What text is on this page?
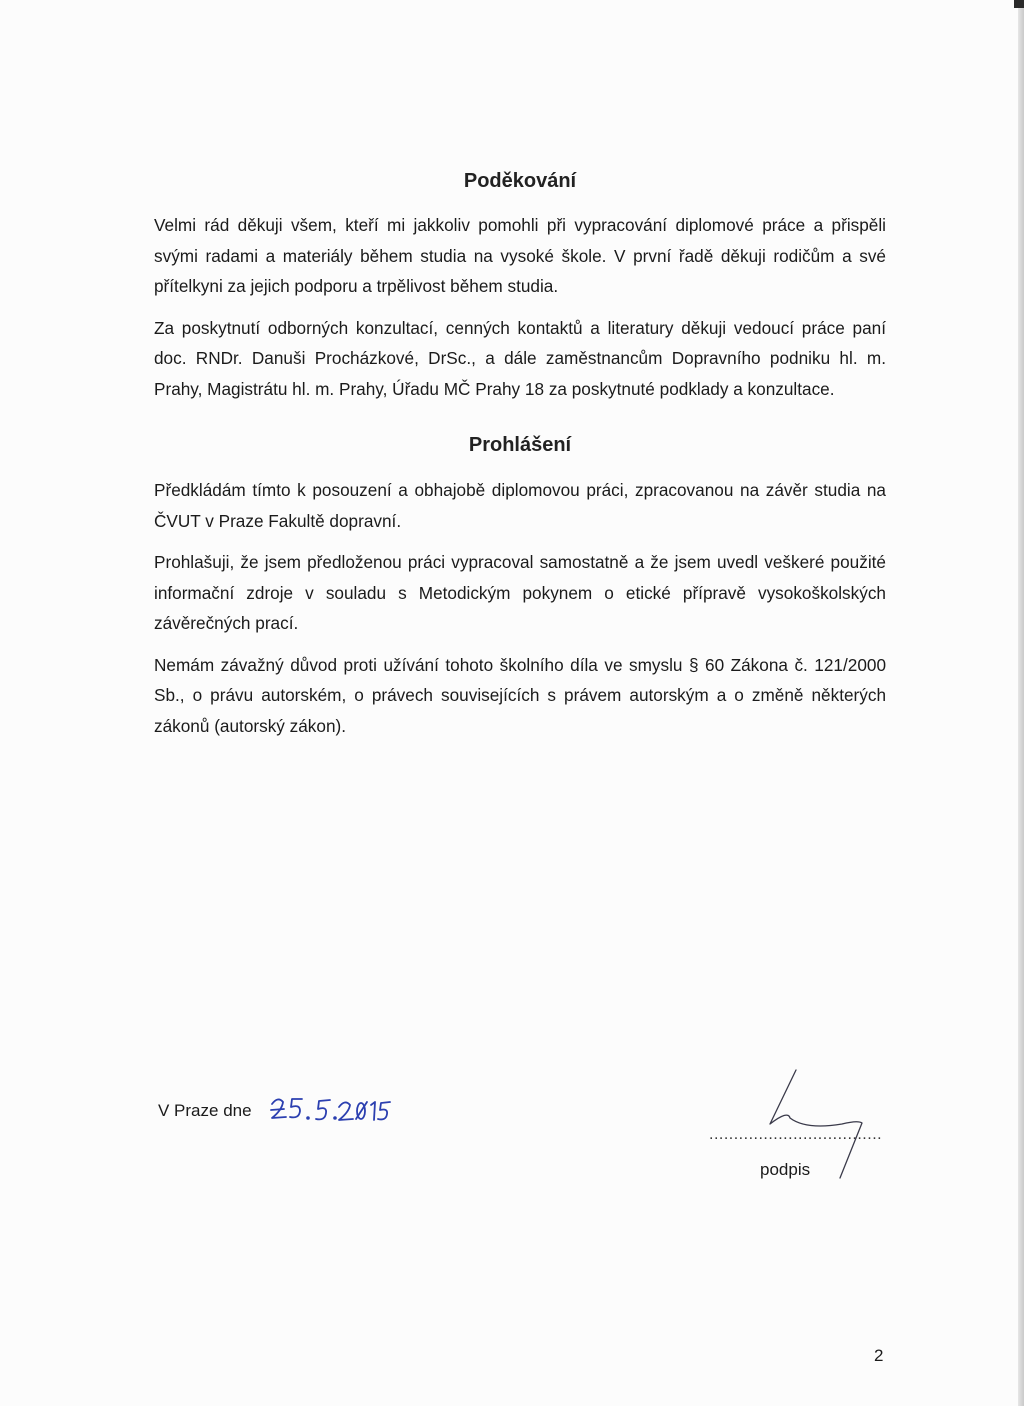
Poděkování

Velmi rád děkuji všem, kteří mi jakkoliv pomohli při vypracování diplomové práce a přispěli svými radami a materiály během studia na vysoké škole. V první řadě děkuji rodičům a své přítelkyni za jejich podporu a trpělivost během studia.

Za poskytnutí odborných konzultací, cenných kontaktů a literatury děkuji vedoucí práce paní doc. RNDr. Danuši Procházkové, DrSc., a dále zaměstnancům Dopravního podniku hl. m. Prahy, Magistrátu hl. m. Prahy, Úřadu MČ Prahy 18 za poskytnuté podklady a konzultace.

Prohlášení

Předkládám tímto k posouzení a obhajobě diplomovou práci, zpracovanou na závěr studia na ČVUT v Praze Fakultě dopravní.

Prohlašuji, že jsem předloženou práci vypracoval samostatně a že jsem uvedl veškeré použité informační zdroje v souladu s Metodickým pokynem o etické přípravě vysokoškolských závěrečných prací.

Nemám závažný důvod proti užívání tohoto školního díla ve smyslu § 60 Zákona č. 121/2000 Sb., o právu autorském, o právech souvisejících s právem autorským a o změně některých zákonů (autorský zákon).

V Praze dne
...................................
podpis
2
